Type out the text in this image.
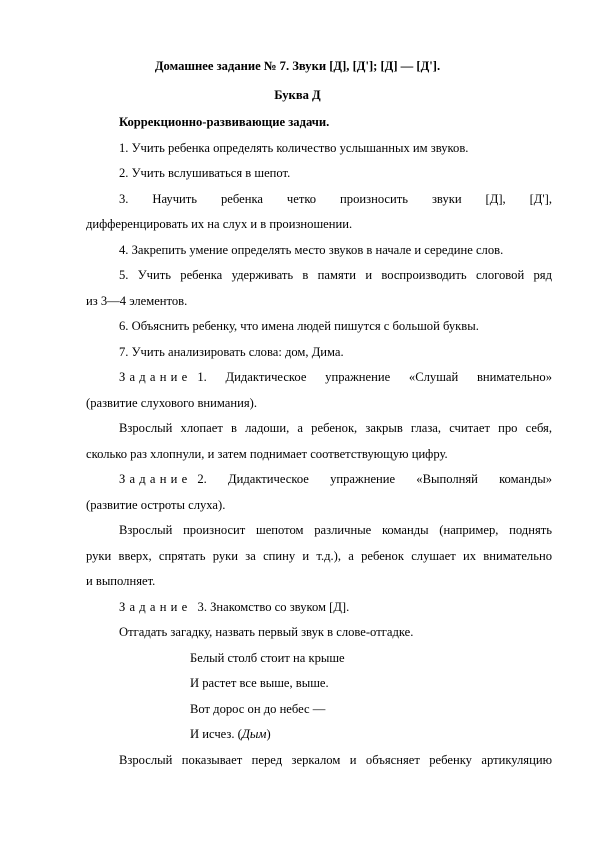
Домашнее задание № 7. Звуки [Д], [Д']; [Д] — [Д'].
Буква Д
Коррекционно-развивающие задачи.
1. Учить ребенка определять количество услышанных им звуков.
2. Учить вслушиваться в шепот.
3. Научить ребенка четко произносить звуки [Д], [Д'],
дифференцировать их на слух и в произношении.
4. Закрепить умение определять место звуков в начале и середине слов.
5. Учить ребенка удерживать в памяти и воспроизводить слоговой ряд
из 3—4 элементов.
6. Объяснить ребенку, что имена людей пишутся с большой буквы.
7. Учить анализировать слова: дом, Дима.
Задание 1. Дидактическое упражнение «Слушай внимательно»
(развитие слухового внимания).
Взрослый хлопает в ладоши, а ребенок, закрыв глаза, считает про себя,
сколько раз хлопнули, и затем поднимает соответствующую цифру.
Задание 2. Дидактическое упражнение «Выполняй команды»
(развитие остроты слуха).
Взрослый произносит шепотом различные команды (например, поднять
руки вверх, спрятать руки за спину и т.д.), а ребенок слушает их внимательно
и выполняет.
Задание 3. Знакомство со звуком [Д].
Отгадать загадку, назвать первый звук в слове-отгадке.
Белый столб стоит на крыше
И растет все выше, выше.
Вот дорос он до небес —
И исчез. (Дым)
Взрослый показывает перед зеркалом и объясняет ребенку артикуляцию
